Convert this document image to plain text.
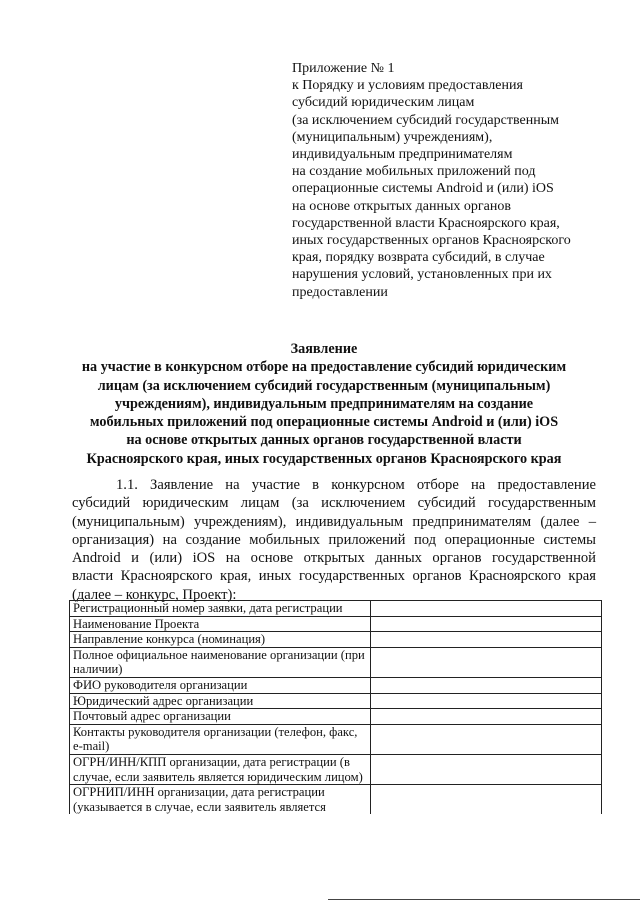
Приложение № 1
к Порядку и условиям предоставления
субсидий юридическим лицам
(за исключением субсидий государственным
(муниципальным) учреждениям),
индивидуальным предпринимателям
на создание мобильных приложений под
операционные системы Android и (или) iOS
на основе открытых данных органов
государственной власти Красноярского края,
иных государственных органов Красноярского
края, порядку возврата субсидий, в случае
нарушения условий, установленных при их
предоставлении
Заявление
на участие в конкурсном отборе на предоставление субсидий юридическим
лицам (за исключением субсидий государственным (муниципальным)
учреждениям), индивидуальным предпринимателям на создание
мобильных приложений под операционные системы Android и (или) iOS
на основе открытых данных органов государственной власти
Красноярского края, иных государственных органов Красноярского края
1.1. Заявление на участие в конкурсном отборе на предоставление
субсидий юридическим лицам (за исключением субсидий государственным
(муниципальным) учреждениям), индивидуальным предпринимателям (далее –
организация) на создание мобильных приложений под операционные системы
Android и (или) iOS на основе открытых данных органов государственной
власти Красноярского края, иных государственных органов Красноярского края
(далее – конкурс, Проект):
Регистрационный номер заявки, дата регистрации	
Наименование Проекта	
Направление конкурса (номинация)	
Полное официальное наименование организации (при наличии)	
ФИО руководителя организации	
Юридический адрес организации	
Почтовый адрес организации	
Контакты руководителя организации (телефон, факс, e-mail)	
ОГРН/ИНН/КПП организации, дата регистрации (в случае, если заявитель является юридическим лицом)	
ОГРНИП/ИНН организации, дата регистрации (указывается в случае, если заявитель является	
